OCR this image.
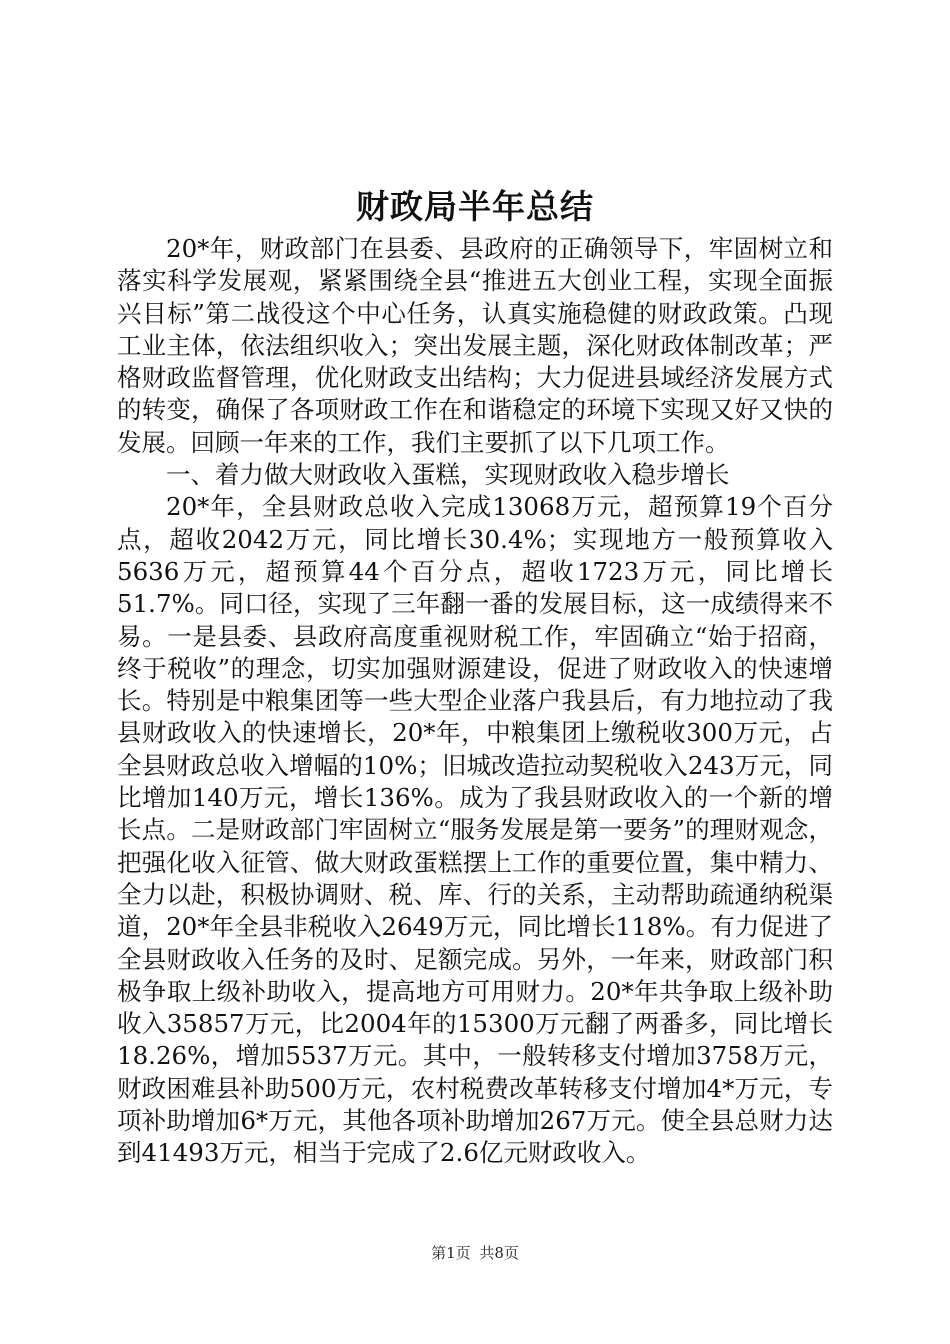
财政局半年总结

20*年，财政部门在县委、县政府的正确领导下，牢固树立和落实科学发展观，紧紧围绕全县“推进五大创业工程，实现全面振兴目标”第二战役这个中心任务，认真实施稳健的财政政策。凸现工业主体，依法组织收入；突出发展主题，深化财政体制改革；严格财政监督管理，优化财政支出结构；大力促进县域经济发展方式的转变，确保了各项财政工作在和谐稳定的环境下实现又好又快的发展。回顾一年来的工作，我们主要抓了以下几项工作。

一、着力做大财政收入蛋糕，实现财政收入稳步增长

20*年，全县财政总收入完成13068万元，超预算19个百分点，超收2042万元，同比增长30.4%；实现地方一般预算收入5636万元，超预算44个百分点，超收1723万元，同比增长51.7%。同口径，实现了三年翻一番的发展目标，这一成绩得来不易。一是县委、县政府高度重视财税工作，牢固确立“始于招商，终于税收”的理念，切实加强财源建设，促进了财政收入的快速增长。特别是中粮集团等一些大型企业落户我县后，有力地拉动了我县财政收入的快速增长，20*年，中粮集团上缴税收300万元，占全县财政总收入增幅的10%；旧城改造拉动契税收入243万元，同比增加140万元，增长136%。成为了我县财政收入的一个新的增长点。二是财政部门牢固树立“服务发展是第一要务”的理财观念，把强化收入征管、做大财政蛋糕摆上工作的重要位置，集中精力、全力以赴，积极协调财、税、库、行的关系，主动帮助疏通纳税渠道，20*年全县非税收入2649万元，同比增长118%。有力促进了全县财政收入任务的及时、足额完成。另外，一年来，财政部门积极争取上级补助收入，提高地方可用财力。20*年共争取上级补助收入35857万元，比2004年的15300万元翻了两番多，同比增长18.26%，增加5537万元。其中，一般转移支付增加3758万元，财政困难县补助500万元，农村税费改革转移支付增加4*万元，专项补助增加6*万元，其他各项补助增加267万元。使全县总财力达到41493万元，相当于完成了2.6亿元财政收入。

第1页 共8页
